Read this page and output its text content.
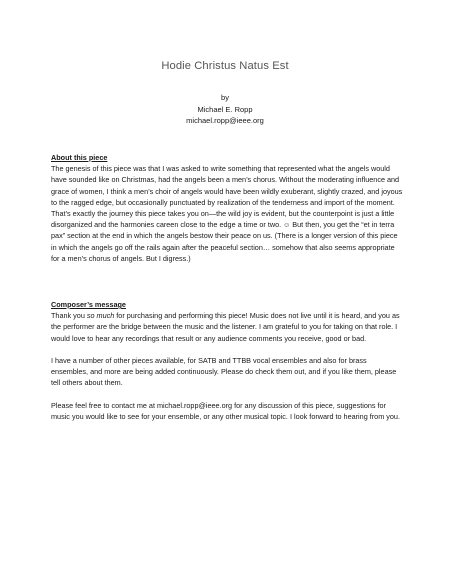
Hodie Christus Natus Est
by
Michael E. Ropp
michael.ropp@ieee.org

About this piece

The genesis of this piece was that I was asked to write something that represented what the angels would have sounded like on Christmas, had the angels been a men’s chorus. Without the moderating influence and grace of women, I think a men’s choir of angels would have been wildly exuberant, slightly crazed, and joyous to the ragged edge, but occasionally punctuated by realization of the tenderness and import of the moment. That’s exactly the journey this piece takes you on—the wild joy is evident, but the counterpoint is just a little disorganized and the harmonies careen close to the edge a time or two. ☺ But then, you get the “et in terra pax” section at the end in which the angels bestow their peace on us. (There is a longer version of this piece in which the angels go off the rails again after the peaceful section… somehow that also seems appropriate for a men’s chorus of angels. But I digress.)

Composer’s message

Thank you so much for purchasing and performing this piece! Music does not live until it is heard, and you as the performer are the bridge between the music and the listener. I am grateful to you for taking on that role. I would love to hear any recordings that result or any audience comments you receive, good or bad.

I have a number of other pieces available, for SATB and TTBB vocal ensembles and also for brass ensembles, and more are being added continuously. Please do check them out, and if you like them, please tell others about them.

Please feel free to contact me at michael.ropp@ieee.org for any discussion of this piece, suggestions for music you would like to see for your ensemble, or any other musical topic. I look forward to hearing from you.
